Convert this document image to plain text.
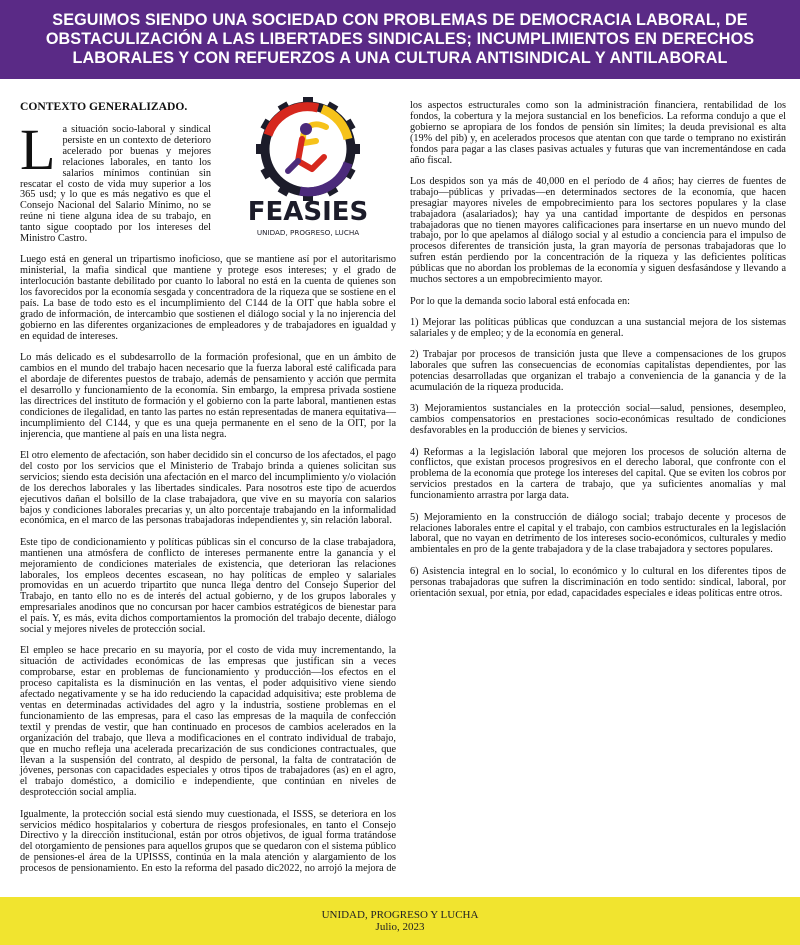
SEGUIMOS SIENDO UNA SOCIEDAD CON PROBLEMAS DE DEMOCRACIA LABORAL, DE OBSTACULIZACIÓN A LAS LIBERTADES SINDICALES; INCUMPLIMIENTOS EN DERECHOS LABORALES Y CON REFUERZOS A UNA CULTURA ANTISINDICAL Y ANTILABORAL
CONTEXTO GENERALIZADO.
FEASIES
UNIDAD, PROGRESO, LUCHA

La situación socio-laboral y sindical persiste en un contexto de deterioro acelerado por buenas y mejores relaciones laborales, en tanto los salarios mínimos continúan sin rescatar el costo de vida muy superior a los 365 usd; y lo que es más negativo es que el Consejo Nacional del Salario Mínimo, no se reúne ni tiene alguna idea de su trabajo, en tanto sigue cooptado por los intereses del Ministro Castro.

Luego está en general un tripartismo inoficioso, que se mantiene así por el autoritarismo ministerial, la mafia sindical que mantiene y protege esos intereses; y el grado de interlocución bastante debilitado por cuanto lo laboral no está en la cuenta de quienes son los favorecidos por la economía sesgada y concentradora de la riqueza que se sostiene en el país. La base de todo esto es el incumplimiento del C144 de la OIT que habla sobre el grado de información, de intercambio que sostienen el diálogo social y la no injerencia del gobierno en las diferentes organizaciones de empleadores y de trabajadores en igualdad y en equidad de intereses.

Lo más delicado es el subdesarrollo de la formación profesional, que en un ámbito de cambios en el mundo del trabajo hacen necesario que la fuerza laboral esté calificada para el abordaje de diferentes puestos de trabajo, además de pensamiento y acción que permita el desarrollo y funcionamiento de la economía. Sin embargo, la empresa privada sostiene las directrices del instituto de formación y el gobierno con la parte laboral, mantienen estas condiciones de ilegalidad, en tanto las partes no están representadas de manera equitativa—incumplimiento del C144, y que es una queja permanente en el seno de la OIT, por la injerencia, que mantiene al país en una lista negra.

El otro elemento de afectación, son haber decidido sin el concurso de los afectados, el pago del costo por los servicios que el Ministerio de Trabajo brinda a quienes solicitan sus servicios; siendo esta decisión una afectación en el marco del incumplimiento y/o violación de los derechos laborales y las libertades sindicales. Para nosotros este tipo de acuerdos ejecutivos dañan el bolsillo de la clase trabajadora, que vive en su mayoría con salarios bajos y condiciones laborales precarias y, un alto porcentaje trabajando en la informalidad económica, en el marco de las personas trabajadoras independientes y, sin relación laboral.

Este tipo de condicionamiento y políticas públicas sin el concurso de la clase trabajadora, mantienen una atmósfera de conflicto de intereses permanente entre la ganancia y el mejoramiento de condiciones materiales de existencia, que deterioran las relaciones laborales, los empleos decentes escasean, no hay políticas de empleo y salariales promovidas en un acuerdo tripartito que nunca llega dentro del Consejo Superior del Trabajo, en tanto ello no es de interés del actual gobierno, y de los grupos laborales y empresariales anodinos que no concursan por hacer cambios estratégicos de bienestar para el país. Y, es más, evita dichos comportamientos la promoción del trabajo decente, diálogo social y mejores niveles de protección social.

El empleo se hace precario en su mayoría, por el costo de vida muy incrementando, la situación de actividades económicas de las empresas que justifican sin a veces comprobarse, estar en problemas de funcionamiento y producción—los efectos en el proceso capitalista es la disminución en las ventas, el poder adquisitivo viene siendo afectado negativamente y se ha ido reduciendo la capacidad adquisitiva; este problema de ventas en determinadas actividades del agro y la industria, sostiene problemas en el funcionamiento de las empresas, para el caso las empresas de la maquila de confección textil y prendas de vestir, que han continuado en procesos de cambios acelerados en la organización del trabajo, que lleva a modificaciones en el contrato individual de trabajo, que en mucho refleja una acelerada precarización de sus condiciones contractuales, que llevan a la suspensión del contrato, al despido de personal, la falta de contratación de jóvenes, personas con capacidades especiales y otros tipos de trabajadores (as) en el agro, el trabajo doméstico, a domicilio e independiente, que continúan en niveles de desprotección social amplia.

Igualmente, la protección social está siendo muy cuestionada, el ISSS, se deteriora en los servicios médico hospitalarios y cobertura de riesgos profesionales, en tanto el Consejo Directivo y la dirección institucional, están por otros objetivos, de igual forma tratándose del otorgamiento de pensiones para aquellos grupos que se quedaron con el sistema público de pensiones-el área de la UPISSS, continúa en la mala atención y alargamiento de los procesos de pensionamiento. En esto la reforma del pasado dic2022, no arrojó la mejora de los aspectos estructurales como son la administración financiera, rentabilidad de los fondos, la cobertura y la mejora sustancial en los beneficios. La reforma condujo a que el gobierno se apropiara de los fondos de pensión sin límites; la deuda previsional es alta (19% del pib) y, en acelerados procesos que atentan con que tarde o temprano no existirán fondos para pagar a las clases pasivas actuales y futuras que van incrementándose en cada año fiscal.

Los despidos son ya más de 40,000 en el período de 4 años; hay cierres de fuentes de trabajo—públicas y privadas—en determinados sectores de la economía, que hacen presagiar mayores niveles de empobrecimiento para los sectores populares y la clase trabajadora (asalariados); hay ya una cantidad importante de despidos en personas trabajadoras que no tienen mayores calificaciones para insertarse en un nuevo mundo del trabajo, por lo que apelamos al diálogo social y al estudio a conciencia para el impulso de procesos diferentes de transición justa, la gran mayoría de personas trabajadoras que lo sufren están perdiendo por la concentración de la riqueza y las deficientes políticas públicas que no abordan los problemas de la economía y siguen desfasándose y llevando a muchos sectores a un empobrecimiento mayor.

Por lo que la demanda socio laboral está enfocada en:

1) Mejorar las políticas públicas que conduzcan a una sustancial mejora de los sistemas salariales y de empleo; y de la economía en general.

2) Trabajar por procesos de transición justa que lleve a compensaciones de los grupos laborales que sufren las consecuencias de economías capitalistas dependientes, por las potencias desarrolladas que organizan el trabajo a conveniencia de la ganancia y de la acumulación de la riqueza producida.

3) Mejoramientos sustanciales en la protección social—salud, pensiones, desempleo, cambios compensatorios en prestaciones socio-económicas resultado de condiciones desfavorables en la producción de bienes y servicios.

4) Reformas a la legislación laboral que mejoren los procesos de solución alterna de conflictos, que existan procesos progresivos en el derecho laboral, que confronte con el problema de la economía que protege los intereses del capital. Que se eviten los cobros por servicios prestados en la cartera de trabajo, que ya suficientes anomalías y mal funcionamiento arrastra por larga data.

5) Mejoramiento en la construcción de diálogo social; trabajo decente y procesos de relaciones laborales entre el capital y el trabajo, con cambios estructurales en la legislación laboral, que no vayan en detrimento de los intereses socio-económicos, culturales y medio ambientales en pro de la gente trabajadora y de la clase trabajadora y sectores populares.

6) Asistencia integral en lo social, lo económico y lo cultural en los diferentes tipos de personas trabajadoras que sufren la discriminación en todo sentido: sindical, laboral, por orientación sexual, por etnia, por edad, capacidades especiales e ideas políticas entre otros.

UNIDAD, PROGRESO Y LUCHA
Julio, 2023
